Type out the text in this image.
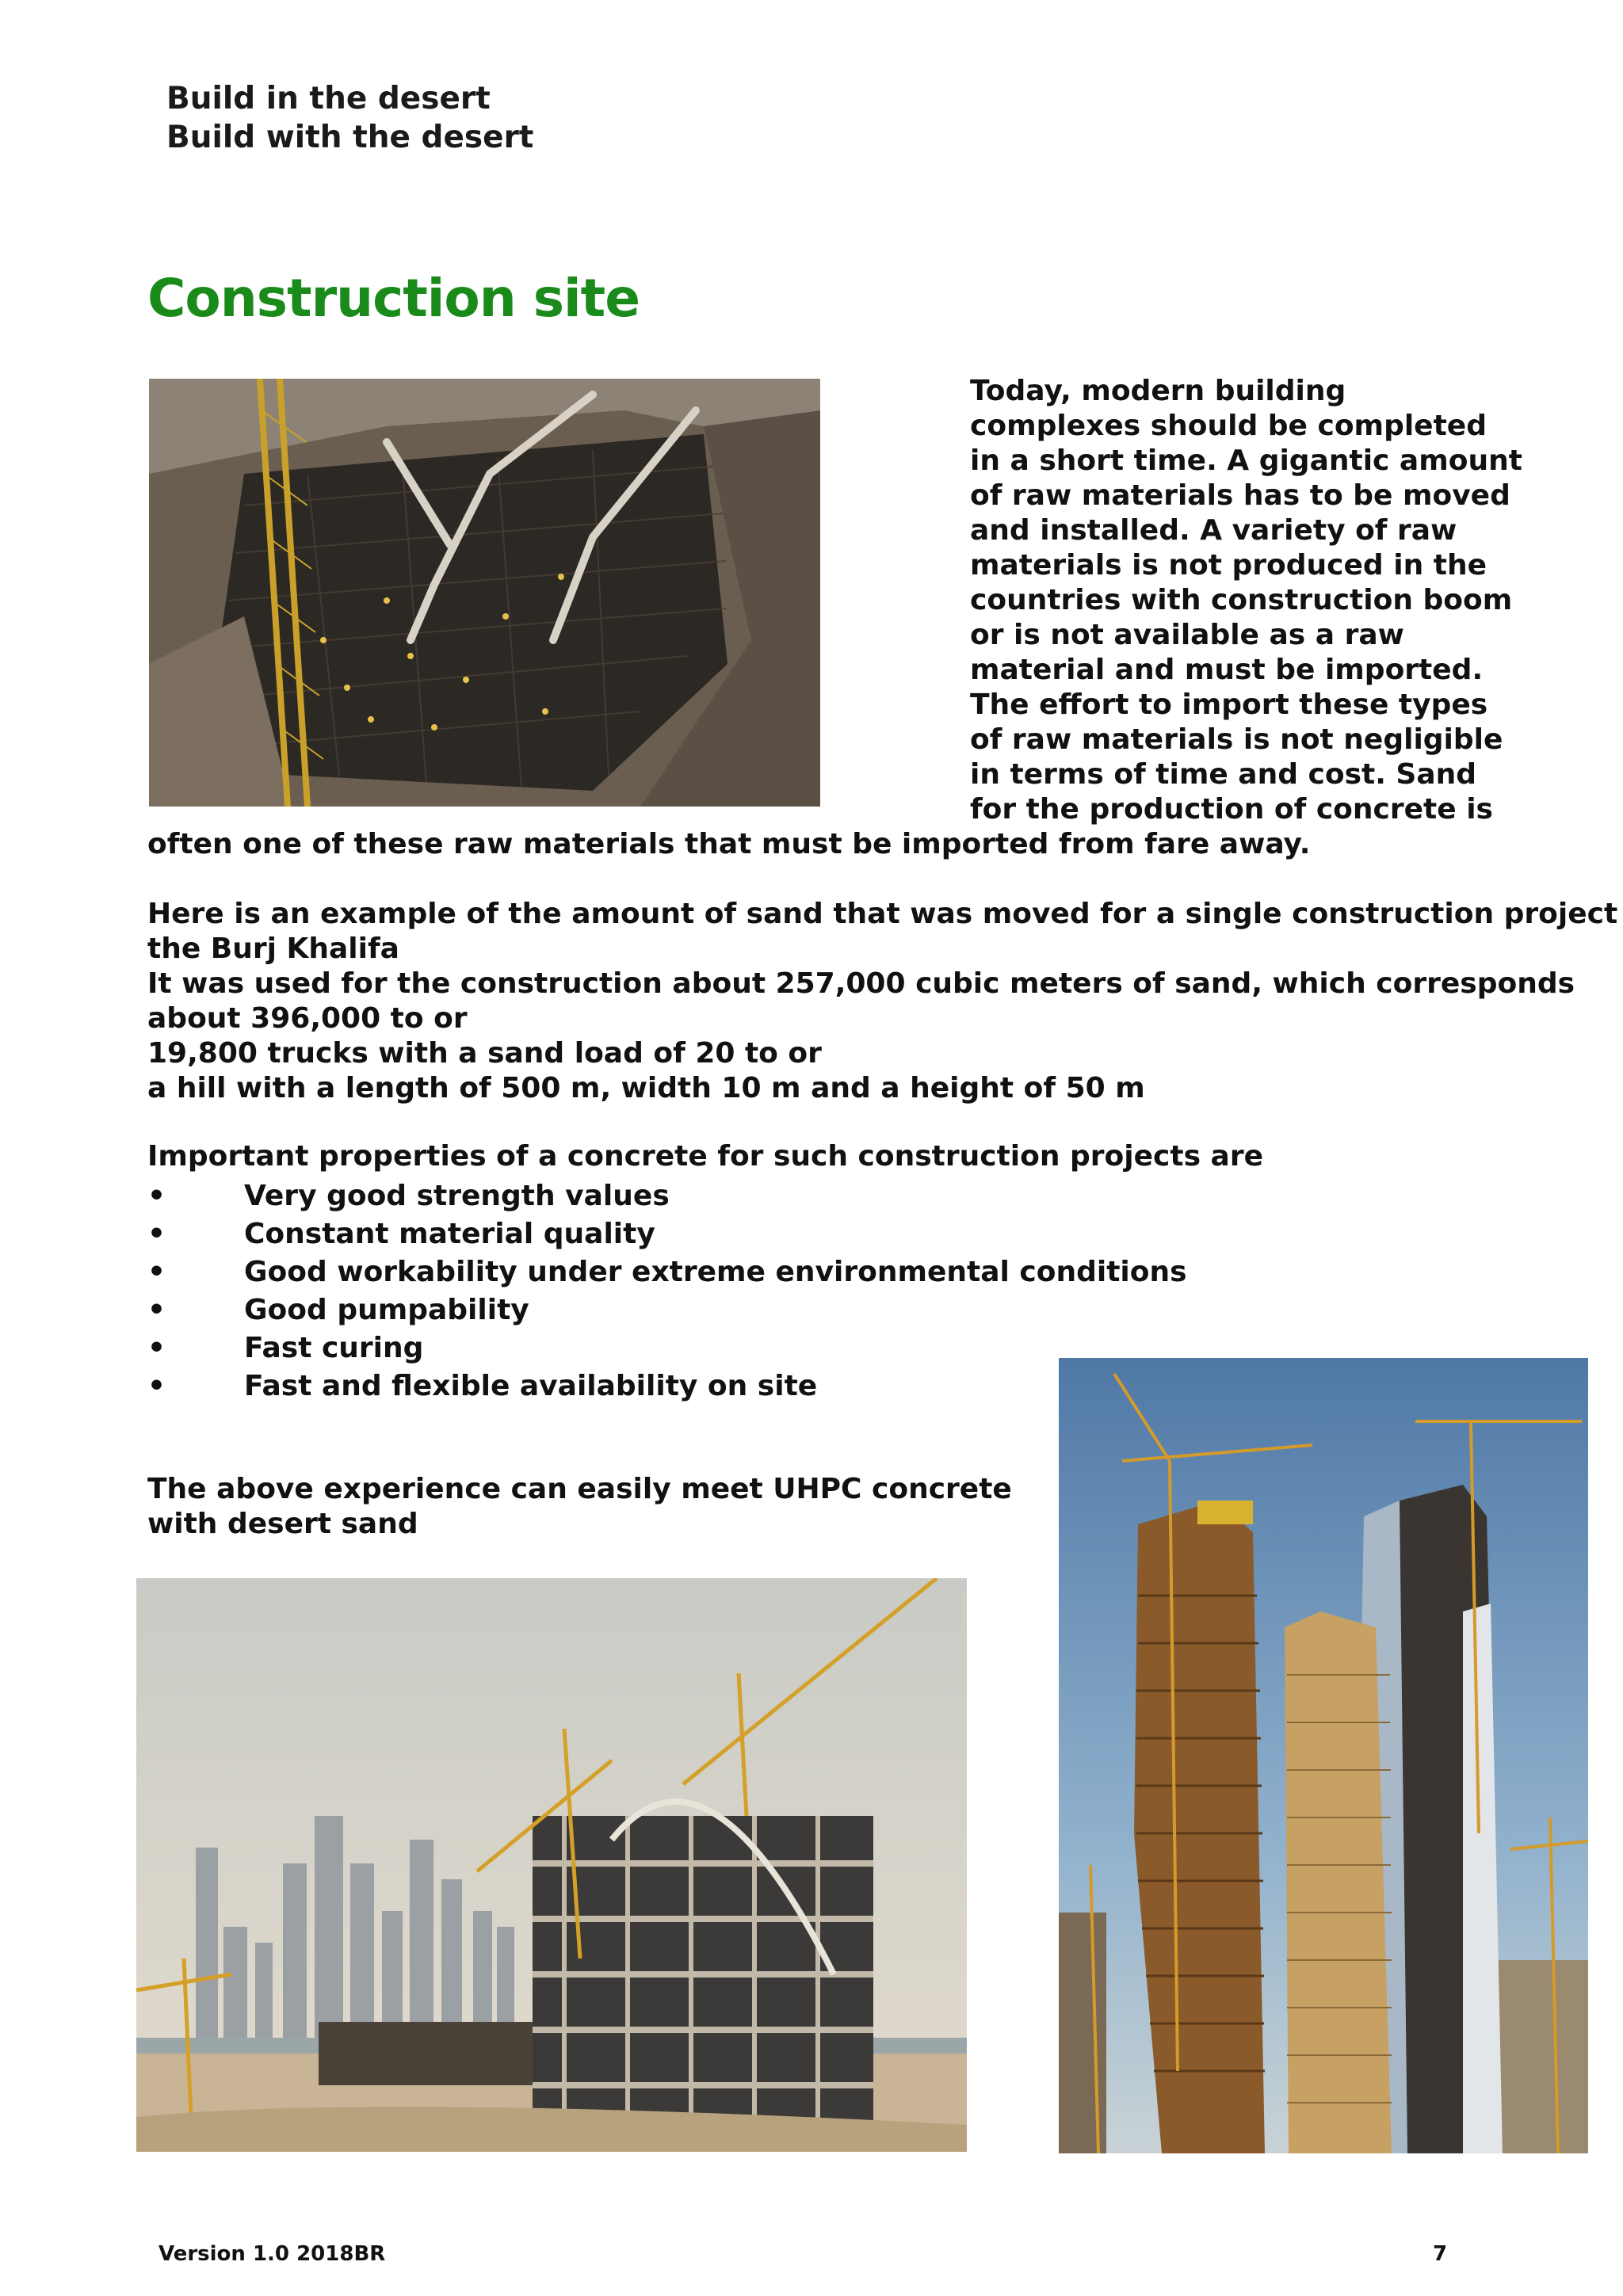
Build in the desert
Build with the desert
Construction site
Today, modern building
complexes should be completed
in a short time. A gigantic amount
of raw materials has to be moved
and installed. A variety of raw
materials is not produced in the
countries with construction boom
or is not available as a raw
material and must be imported.
The effort to import these types
of raw materials is not negligible
in terms of time and cost. Sand
for the production of concrete is
often one of these raw materials that must be imported from fare away.
Here is an example of the amount of sand that was moved for a single construction project
the Burj Khalifa
It was used for the construction about 257,000 cubic meters of sand, which corresponds
about 396,000 to or
19,800 trucks with a sand load of 20 to or
a hill with a length of 500 m, width 10 m and a height of 50 m
Important properties of a concrete for such construction projects are
•	Very good strength values
•	Constant material quality
•	Good workability under extreme environmental conditions
•	Good pumpability
•	Fast curing
•	Fast and flexible availability on site
The above experience can easily meet UHPC concrete
with desert sand
Version 1.0 2018BR	7
